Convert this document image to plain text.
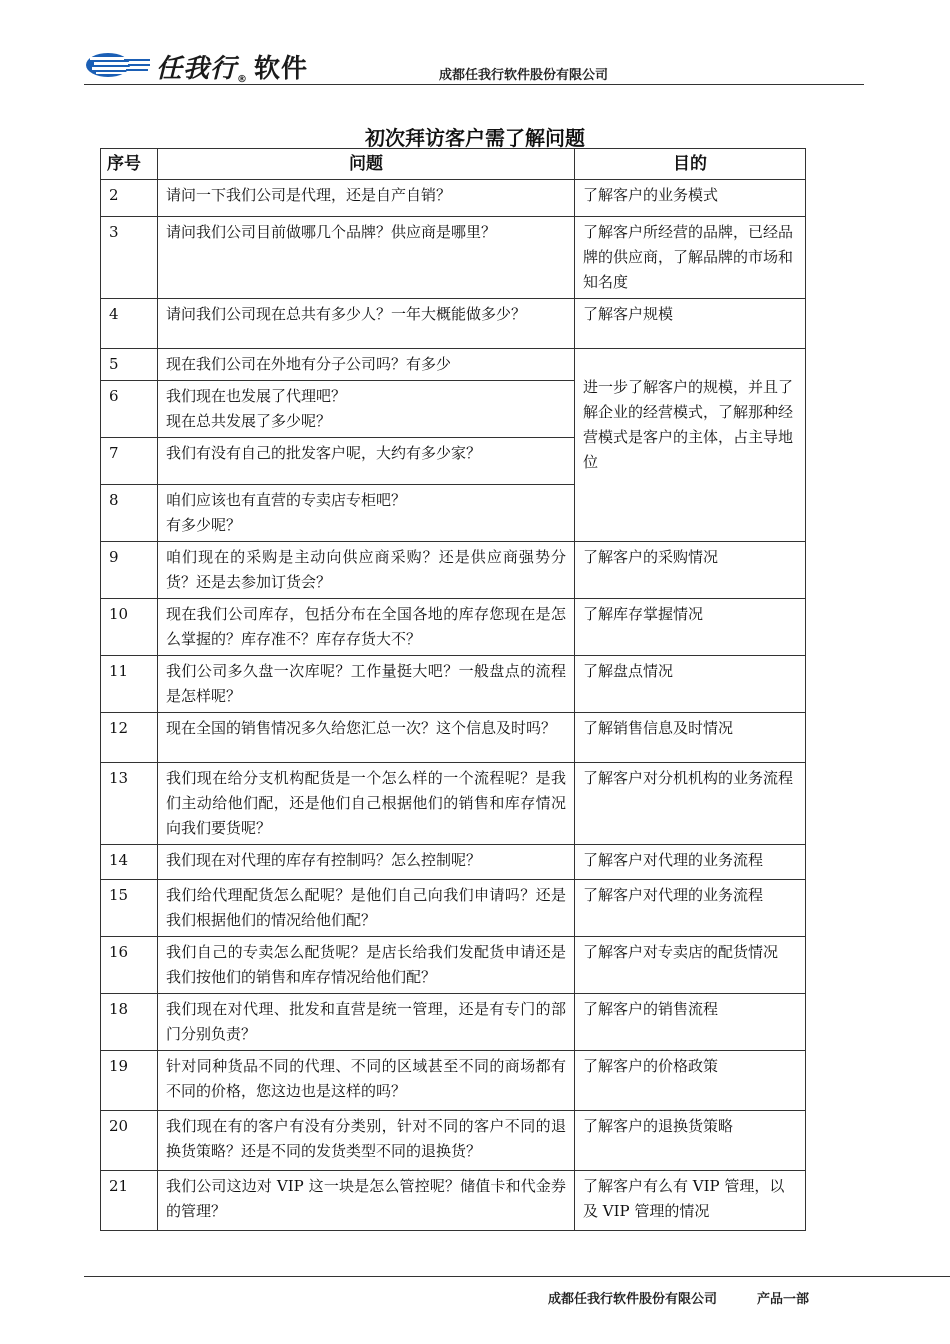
任我行® 软件	成都任我行软件股份有限公司
初次拜访客户需了解问题
序号	问题	目的
2	请问一下我们公司是代理，还是自产自销？	了解客户的业务模式
3	请问我们公司目前做哪几个品牌？供应商是哪里？	了解客户所经营的品牌，已经品牌的供应商，了解品牌的市场和知名度
4	请问我们公司现在总共有多少人？一年大概能做多少？	了解客户规模
5	现在我们公司在外地有分子公司吗？有多少	进一步了解客户的规模，并且了解企业的经营模式，了解那种经营模式是客户的主体，占主导地位

6	我们现在也发展了代理吧？
现在总共发展了多少呢？	
7	我们有没有自己的批发客户呢，大约有多少家？	
8	咱们应该也有直营的专卖店专柜吧？
有多少呢？	
9	咱们现在的采购是主动向供应商采购？还是供应商强势分货？还是去参加订货会？	了解客户的采购情况
10	现在我们公司库存，包括分布在全国各地的库存您现在是怎么掌握的？库存准不？库存存货大不？	了解库存掌握情况
11	我们公司多久盘一次库呢？工作量挺大吧？一般盘点的流程是怎样呢？	了解盘点情况
12	现在全国的销售情况多久给您汇总一次？这个信息及时吗？	了解销售信息及时情况
13	我们现在给分支机构配货是一个怎么样的一个流程呢？是我们主动给他们配，还是他们自己根据他们的销售和库存情况向我们要货呢？	了解客户对分机机构的业务流程
14	我们现在对代理的库存有控制吗？怎么控制呢？	了解客户对代理的业务流程
15	我们给代理配货怎么配呢？是他们自己向我们申请吗？还是我们根据他们的情况给他们配？	了解客户对代理的业务流程
16	我们自己的专卖怎么配货呢？是店长给我们发配货申请还是我们按他们的销售和库存情况给他们配？	了解客户对专卖店的配货情况
18	我们现在对代理、批发和直营是统一管理，还是有专门的部门分别负责？	了解客户的销售流程
19	针对同种货品不同的代理、不同的区域甚至不同的商场都有不同的价格，您这边也是这样的吗？	了解客户的价格政策
20	我们现在有的客户有没有分类别，针对不同的客户不同的退换货策略？还是不同的发货类型不同的退换货？	了解客户的退换货策略
21	我们公司这边对 VIP 这一块是怎么管控呢？储值卡和代金券的管理？	了解客户有么有 VIP 管理，以及 VIP 管理的情况
成都任我行软件股份有限公司	产品一部
